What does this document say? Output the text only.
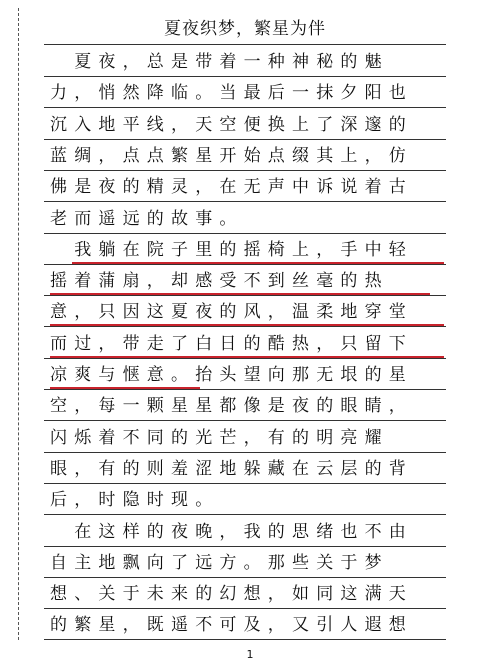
夏夜织梦，繁星为伴
　夏夜，总是带着一种神秘的魅
力，悄然降临。当最后一抹夕阳也
沉入地平线，天空便换上了深邃的
蓝绸，点点繁星开始点缀其上，仿
佛是夜的精灵，在无声中诉说着古
老而遥远的故事。
　我躺在院子里的摇椅上，手中轻
摇着蒲扇，却感受不到丝毫的热
意，只因这夏夜的风，温柔地穿堂
而过，带走了白日的酷热，只留下
凉爽与惬意。抬头望向那无垠的星
空，每一颗星星都像是夜的眼睛，
闪烁着不同的光芒，有的明亮耀
眼，有的则羞涩地躲藏在云层的背
后，时隐时现。
　在这样的夜晚，我的思绪也不由
自主地飘向了远方。那些关于梦
想、关于未来的幻想，如同这满天
的繁星，既遥不可及，又引人遐想
1
